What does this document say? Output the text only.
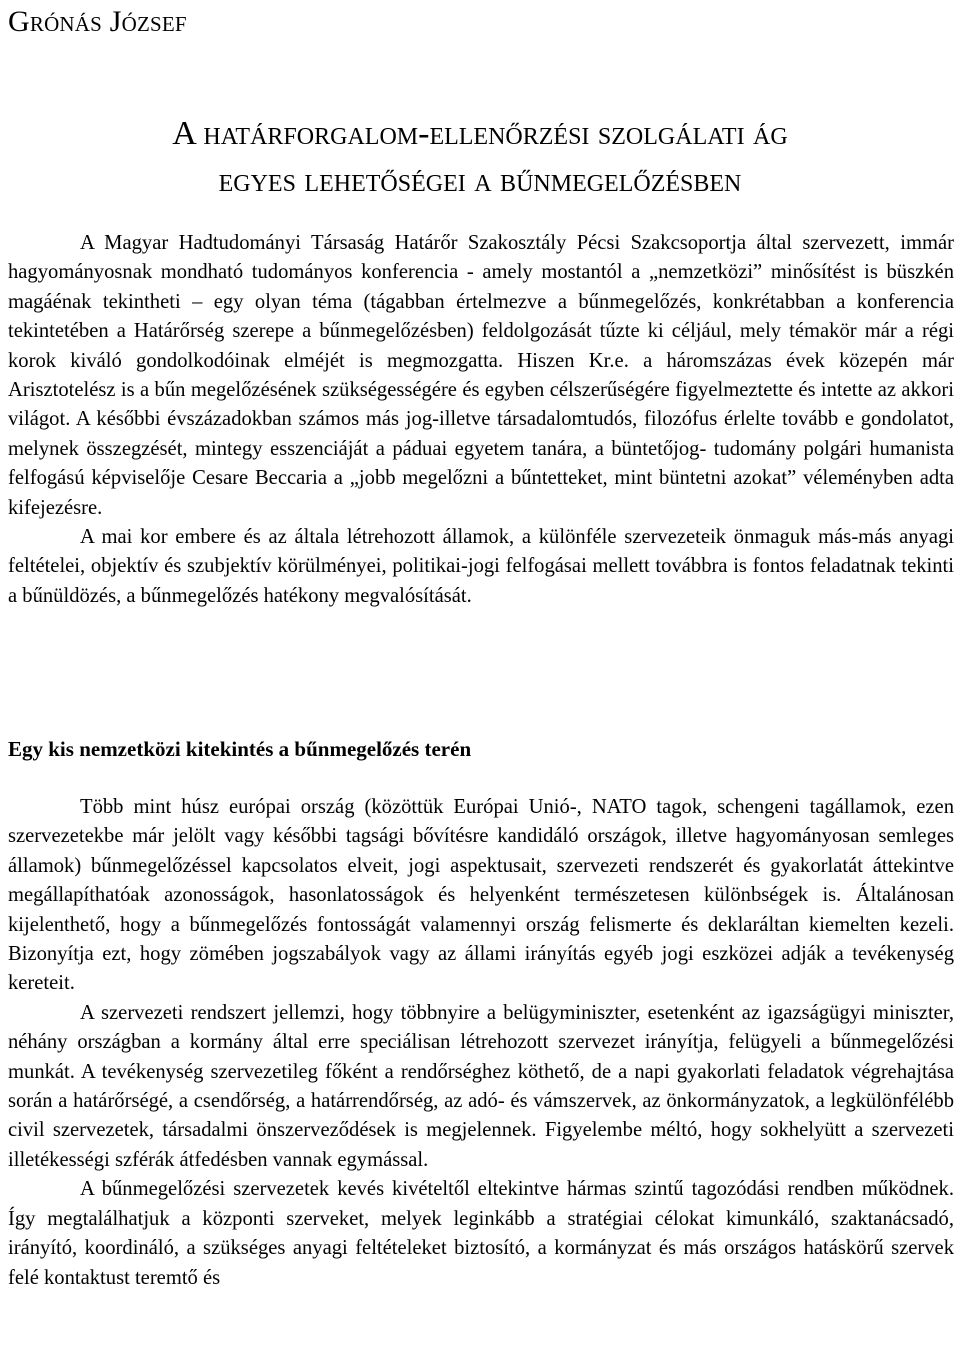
Grónás József
A határforgalom-ellenőrzési szolgálati ág
egyes lehetőségei a bűnmegelőzésben

A Magyar Hadtudományi Társaság Határőr Szakosztály Pécsi Szakcsoportja által szervezett, immár hagyományosnak mondható tudományos konferencia - amely mostantól a „nemzetközi” minősítést is büszkén magáénak tekintheti – egy olyan téma (tágabban értelmezve a bűnmegelőzés, konkrétabban a konferencia tekintetében a Határőrség szerepe a bűnmegelőzésben) feldolgozását tűzte ki céljául, mely témakör már a régi korok kiváló gondolkodóinak elméjét is megmozgatta. Hiszen Kr.e. a háromszázas évek közepén már Arisztotelész is a bűn megelőzésének szükségességére és egyben célszerűségére figyelmeztette és intette az akkori világot. A későbbi évszázadokban számos más jog-illetve társadalomtudós, filozófus érlelte tovább e gondolatot, melynek összegzését, mintegy esszenciáját a páduai egyetem tanára, a büntetőjog- tudomány polgári humanista felfogású képviselője Cesare Beccaria a „jobb megelőzni a bűntetteket, mint büntetni azokat” véleményben adta kifejezésre.

A mai kor embere és az általa létrehozott államok, a különféle szervezeteik önmaguk más-más anyagi feltételei, objektív és szubjektív körülményei, politikai-jogi felfogásai mellett továbbra is fontos feladatnak tekinti a bűnüldözés, a bűnmegelőzés hatékony megvalósítását.

Egy kis nemzetközi kitekintés a bűnmegelőzés terén

Több mint húsz európai ország (közöttük Európai Unió-, NATO tagok, schengeni tagállamok, ezen szervezetekbe már jelölt vagy későbbi tagsági bővítésre kandidáló országok, illetve hagyományosan semleges államok) bűnmegelőzéssel kapcsolatos elveit, jogi aspektusait, szervezeti rendszerét és gyakorlatát áttekintve megállapíthatóak azonosságok, hasonlatosságok és helyenként természetesen különbségek is. Általánosan kijelenthető, hogy a bűnmegelőzés fontosságát valamennyi ország felismerte és deklaráltan kiemelten kezeli. Bizonyítja ezt, hogy zömében jogszabályok vagy az állami irányítás egyéb jogi eszközei adják a tevékenység kereteit.

A szervezeti rendszert jellemzi, hogy többnyire a belügyminiszter, esetenként az igazságügyi miniszter, néhány országban a kormány által erre speciálisan létrehozott szervezet irányítja, felügyeli a bűnmegelőzési munkát. A tevékenység szervezetileg főként a rendőrséghez köthető, de a napi gyakorlati feladatok végrehajtása során a határőrségé, a csendőrség, a határrendőrség, az adó- és vámszervek, az önkormányzatok, a legkülönfélébb civil szervezetek, társadalmi önszerveződések is megjelennek. Figyelembe méltó, hogy sokhelyütt a szervezeti illetékességi szférák átfedésben vannak egymással.

A bűnmegelőzési szervezetek kevés kivételtől eltekintve hármas szintű tagozódási rendben működnek. Így megtalálhatjuk a központi szerveket, melyek leginkább a stratégiai célokat kimunkáló, szaktanácsadó, irányító, koordináló, a szükséges anyagi feltételeket biztosító, a kormányzat és más országos hatáskörű szervek felé kontaktust teremtő és
